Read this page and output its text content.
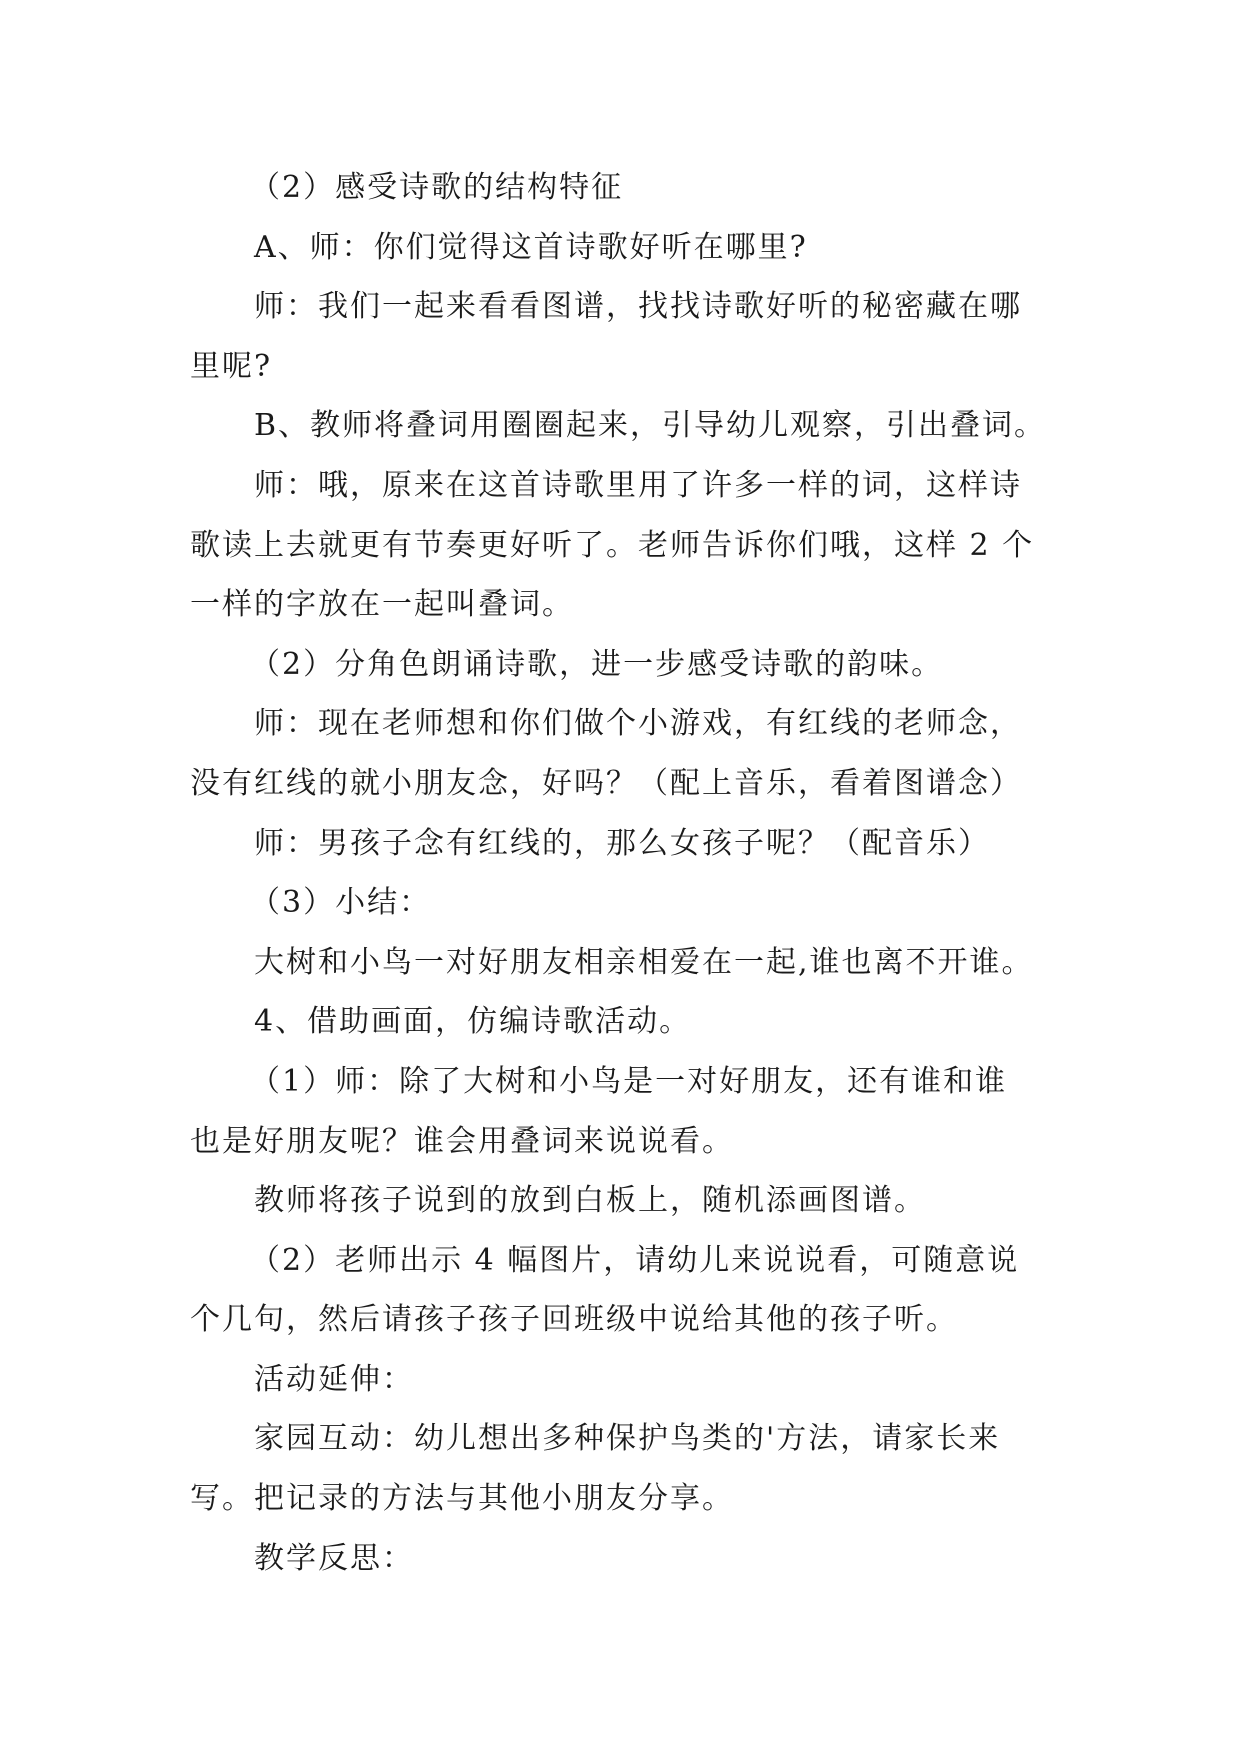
（2）感受诗歌的结构特征
A、师：你们觉得这首诗歌好听在哪里?
师：我们一起来看看图谱，找找诗歌好听的秘密藏在哪
里呢?
B、教师将叠词用圈圈起来，引导幼儿观察，引出叠词。
师：哦，原来在这首诗歌里用了许多一样的词，这样诗
歌读上去就更有节奏更好听了。老师告诉你们哦，这样 2 个
一样的字放在一起叫叠词。
（2）分角色朗诵诗歌，进一步感受诗歌的韵味。
师：现在老师想和你们做个小游戏，有红线的老师念，
没有红线的就小朋友念，好吗？（配上音乐，看着图谱念）
师：男孩子念有红线的，那么女孩子呢？（配音乐）
（3）小结：
大树和小鸟一对好朋友相亲相爱在一起,谁也离不开谁。
4、借助画面，仿编诗歌活动。
（1）师：除了大树和小鸟是一对好朋友，还有谁和谁
也是好朋友呢？谁会用叠词来说说看。
教师将孩子说到的放到白板上，随机添画图谱。
（2）老师出示 4 幅图片，请幼儿来说说看，可随意说
个几句，然后请孩子孩子回班级中说给其他的孩子听。
活动延伸：
家园互动：幼儿想出多种保护鸟类的'方法，请家长来
写。把记录的方法与其他小朋友分享。
教学反思：
